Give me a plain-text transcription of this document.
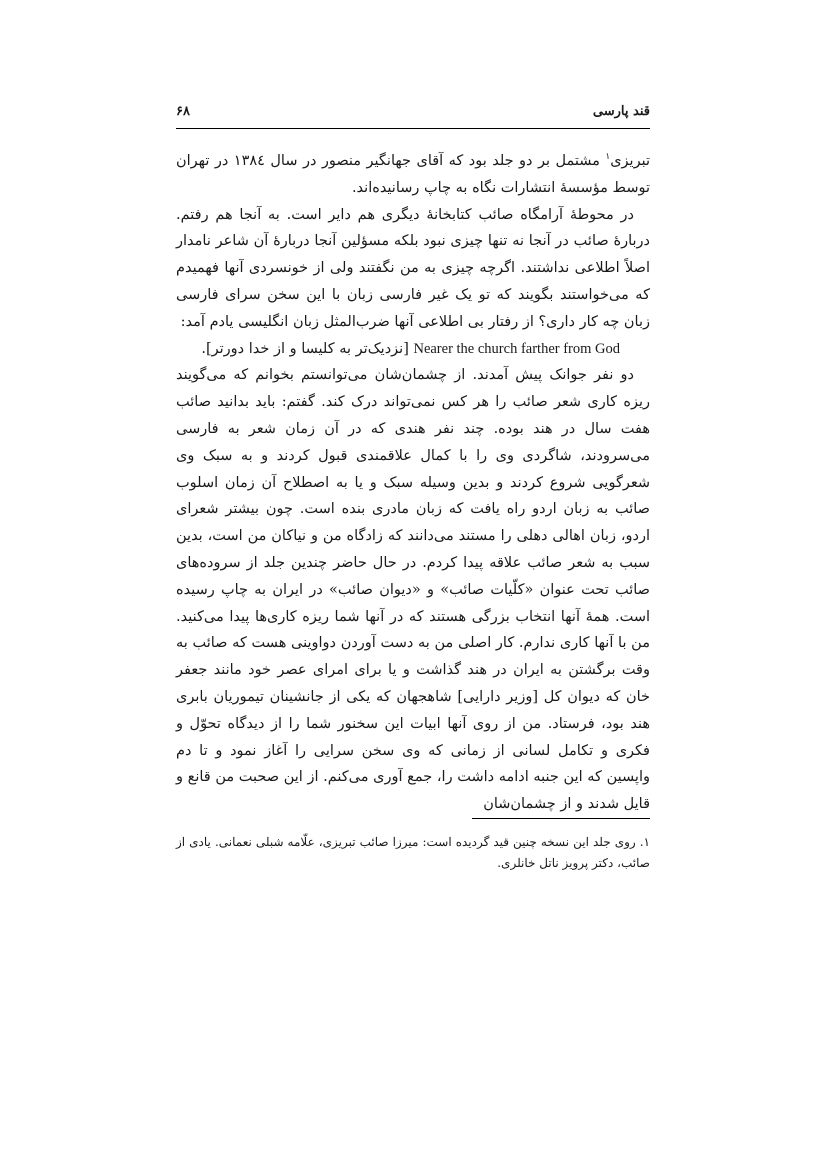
قند پارسی
۶۸

تبریزی$^۱$ مشتمل بر دو جلد بود که آقای جهانگیر منصور در سال ۱۳۸٤ در تهران توسط مؤسسهٔ انتشارات نگاه به چاپ رسانیده‌اند.

در محوطهٔ آرامگاه صائب کتابخانهٔ دیگری هم دایر است. به آنجا هم رفتم. دربارهٔ صائب در آنجا نه تنها چیزی نبود بلکه مسؤلین آنجا دربارهٔ آن شاعر نامدار اصلاً اطلاعی نداشتند. اگرچه چیزی به من نگفتند ولی از خونسردی آنها فهمیدم که می‌خواستند بگویند که تو یک غیر فارسی زبان با این سخن سرای فارسی زبان چه کار داری؟ از رفتار بی اطلاعی آنها ضرب‌المثل زبان انگلیسی یادم آمد:

Nearer the church farther from God [نزدیک‌تر به کلیسا و از خدا دورتر].

دو نفر جوانک پیش آمدند. از چشمان‌شان می‌توانستم بخوانم که می‌گویند ریزه کاری شعر صائب را هر کس نمی‌تواند درک کند. گفتم: باید بدانید صائب هفت سال در هند بوده. چند نفر هندی که در آن زمان شعر به فارسی می‌سرودند، شاگردی وی را با کمال علاقمندی قبول کردند و به سبک وی شعرگویی شروع کردند و بدین وسیله سبک و یا به اصطلاح آن زمان اسلوب صائب به زبان اردو راه یافت که زبان مادری بنده است. چون بیشتر شعرای اردو، زبان اهالی دهلی را مستند می‌دانند که زادگاه من و نیاکان من است، بدین سبب به شعر صائب علاقه پیدا کردم. در حال حاضر چندین جلد از سروده‌های صائب تحت عنوان «کلّیات صائب» و «دیوان صائب» در ایران به چاپ رسیده است. همهٔ آنها انتخاب بزرگی هستند که در آنها شما ریزه کاری‌ها پیدا می‌کنید. من با آنها کاری ندارم. کار اصلی من به دست آوردن دواوینی هست که صائب به وقت برگشتن به ایران در هند گذاشت و یا برای امرای عصر خود مانند جعفر خان که دیوان کل [وزیر دارایی] شاهجهان که یکی از جانشینان تیموریان بابری هند بود، فرستاد. من از روی آنها ابیات این سخنور شما را از دیدگاه تحوّل و فکری و تکامل لسانی از زمانی که وی سخن سرایی را آغاز نمود و تا دم واپسین که این جنبه ادامه داشت را، جمع آوری می‌کنم. از این صحبت من قانع و قایل شدند و از چشمان‌شان

۱. روی جلد این نسخه چنین قید گردیده است: میرزا صائب تبریزی، علّامه شبلی نعمانی. یادی از صائب، دکتر پرویز ناتل خانلری.
